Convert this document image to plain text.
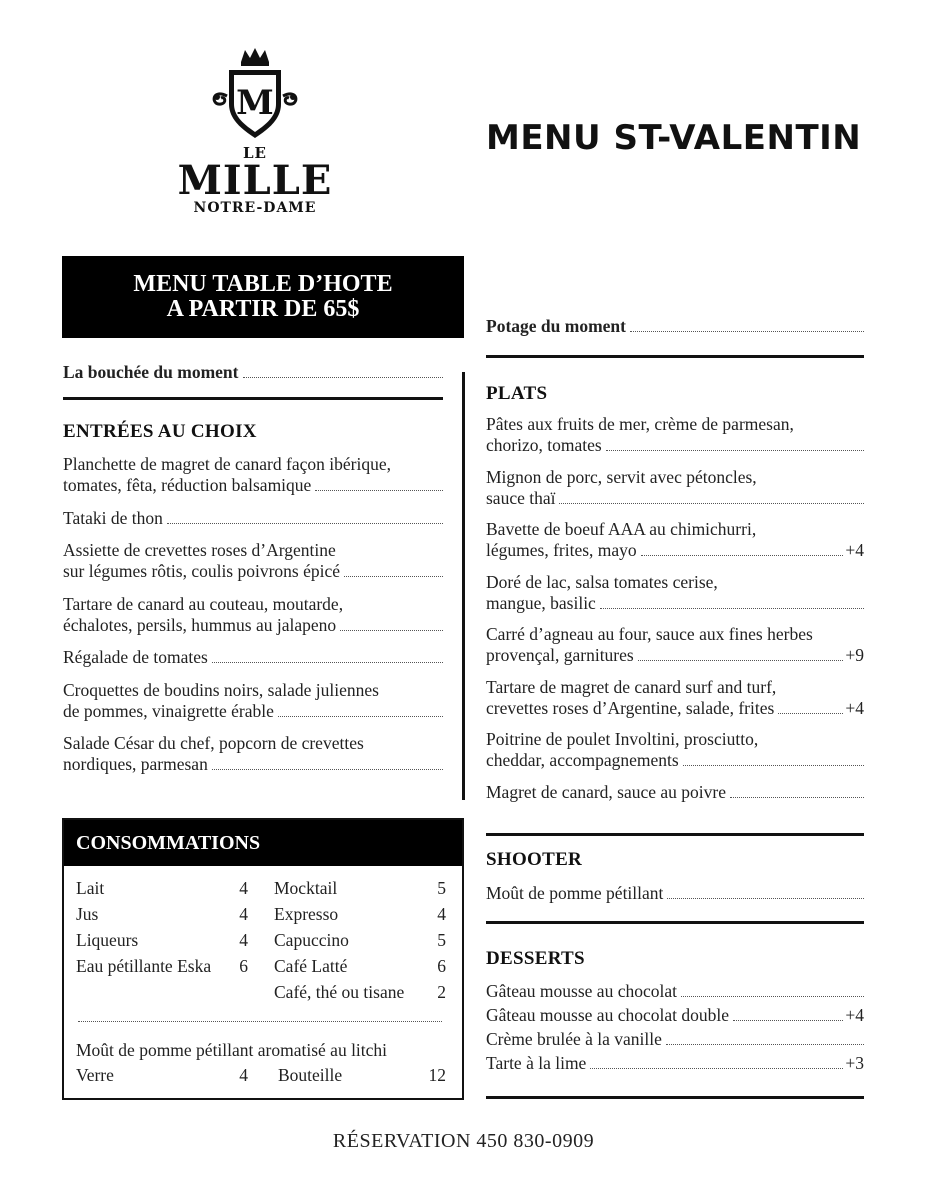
M
LE
MILLE
NOTRE-DAME
MENU ST-VALENTIN
MENU TABLE D’HOTE
A PARTIR DE 65$
Potage du moment
La bouchée du moment
ENTRÉES AU CHOIX
Planchette de magret de canard façon ibérique,
tomates, fêta, réduction balsamique
Tataki de thon
Assiette de crevettes roses d’Argentine
sur légumes rôtis, coulis poivrons épicé
Tartare de canard au couteau, moutarde,
échalotes, persils, hummus au jalapeno
Régalade de tomates
Croquettes de boudins noirs, salade juliennes
de pommes, vinaigrette érable
Salade César du chef, popcorn de crevettes
nordiques, parmesan
PLATS
Pâtes aux fruits de mer, crème de parmesan,
chorizo, tomates
Mignon de porc, servit avec pétoncles,
sauce thaï
Bavette de boeuf AAA au chimichurri,
légumes, frites, mayo	+4
Doré de lac, salsa tomates cerise,
mangue, basilic
Carré d’agneau au four, sauce aux fines herbes
provençal, garnitures	+9
Tartare de magret de canard surf and turf,
crevettes roses d’Argentine, salade, frites	+4
Poitrine de poulet Involtini, prosciutto,
cheddar, accompagnements
Magret de canard, sauce au poivre
SHOOTER
Moût de pomme pétillant
DESSERTS
Gâteau mousse au chocolat
Gâteau mousse au chocolat double	+4
Crème brulée à la vanille
Tarte à la lime	+3
CONSOMMATIONS
Lait	4
Jus	4
Liqueurs	4
Eau pétillante Eska	6
Mocktail	5
Expresso	4
Capuccino	5
Café Latté	6
Café, thé ou tisane	2
Moût de pomme pétillant aromatisé au litchi
Verre	4 Bouteille	12
RÉSERVATION 450 830-0909
